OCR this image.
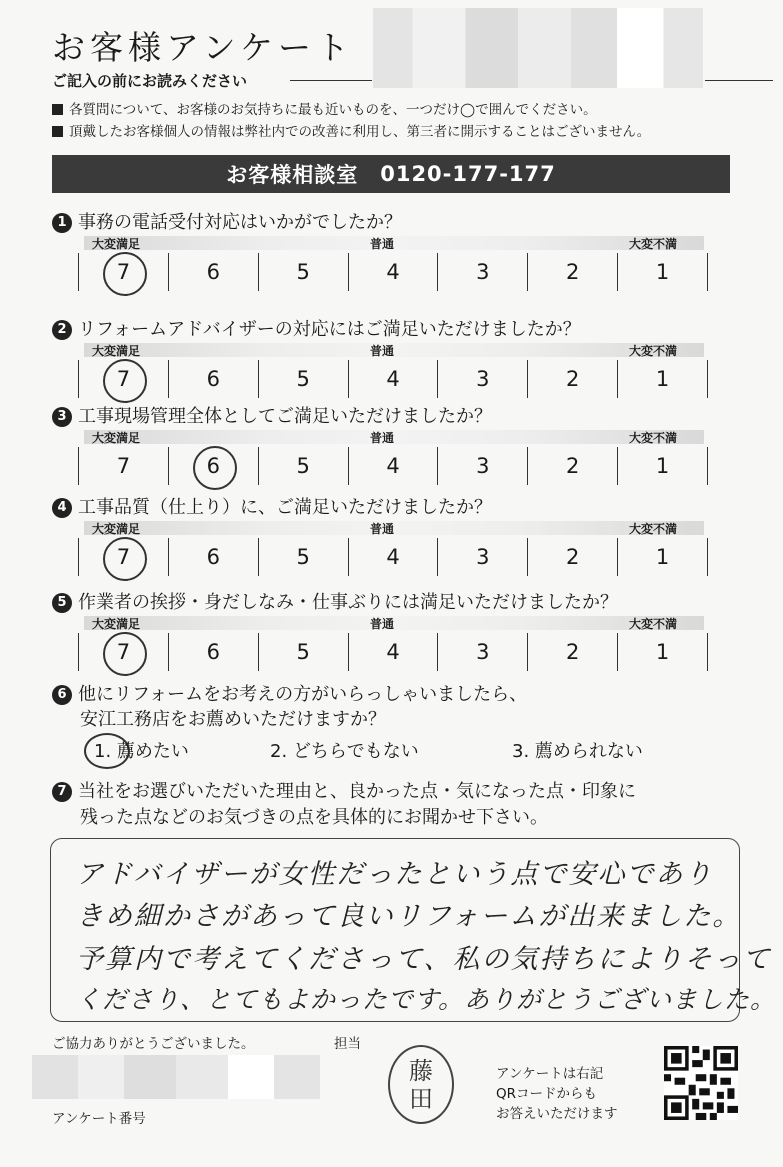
お客様アンケート
ご記入の前にお読みください
各質問について、お客様のお気持ちに最も近いものを、一つだけ◯で囲んでください。
頂戴したお客様個人の情報は弊社内での改善に利用し、第三者に開示することはございません。
お客様相談室 0120-177-177
1 事務の電話受付対応はいかがでしたか？
大変満足	普通	大変不満
7	6	5	4	3	2	1
2 リフォームアドバイザーの対応にはご満足いただけましたか？
大変満足	普通	大変不満
7	6	5	4	3	2	1
3 工事現場管理全体としてご満足いただけましたか？
大変満足	普通	大変不満
7	6	5	4	3	2	1
4 工事品質（仕上り）に、ご満足いただけましたか？
大変満足	普通	大変不満
7	6	5	4	3	2	1
5 作業者の挨拶・身だしなみ・仕事ぶりには満足いただけましたか？
大変満足	普通	大変不満
7	6	5	4	3	2	1
6 他にリフォームをお考えの方がいらっしゃいましたら、
安江工務店をお薦めいただけますか？
1. 薦めたい	2. どちらでもない	3. 薦められない
7 当社をお選びいただいた理由と、良かった点・気になった点・印象に
残った点などのお気づきの点を具体的にお聞かせ下さい。
アドバイザーが女性だったという点で安心であり
きめ細かさがあって良いリフォームが出来ました。
予算内で考えてくださって、私の気持ちによりそって
くださり、とてもよかったです。ありがとうございました。
ご協力ありがとうございました。	担当
アンケート番号
藤
田
アンケートは右記
QRコードからも
お答えいただけます
